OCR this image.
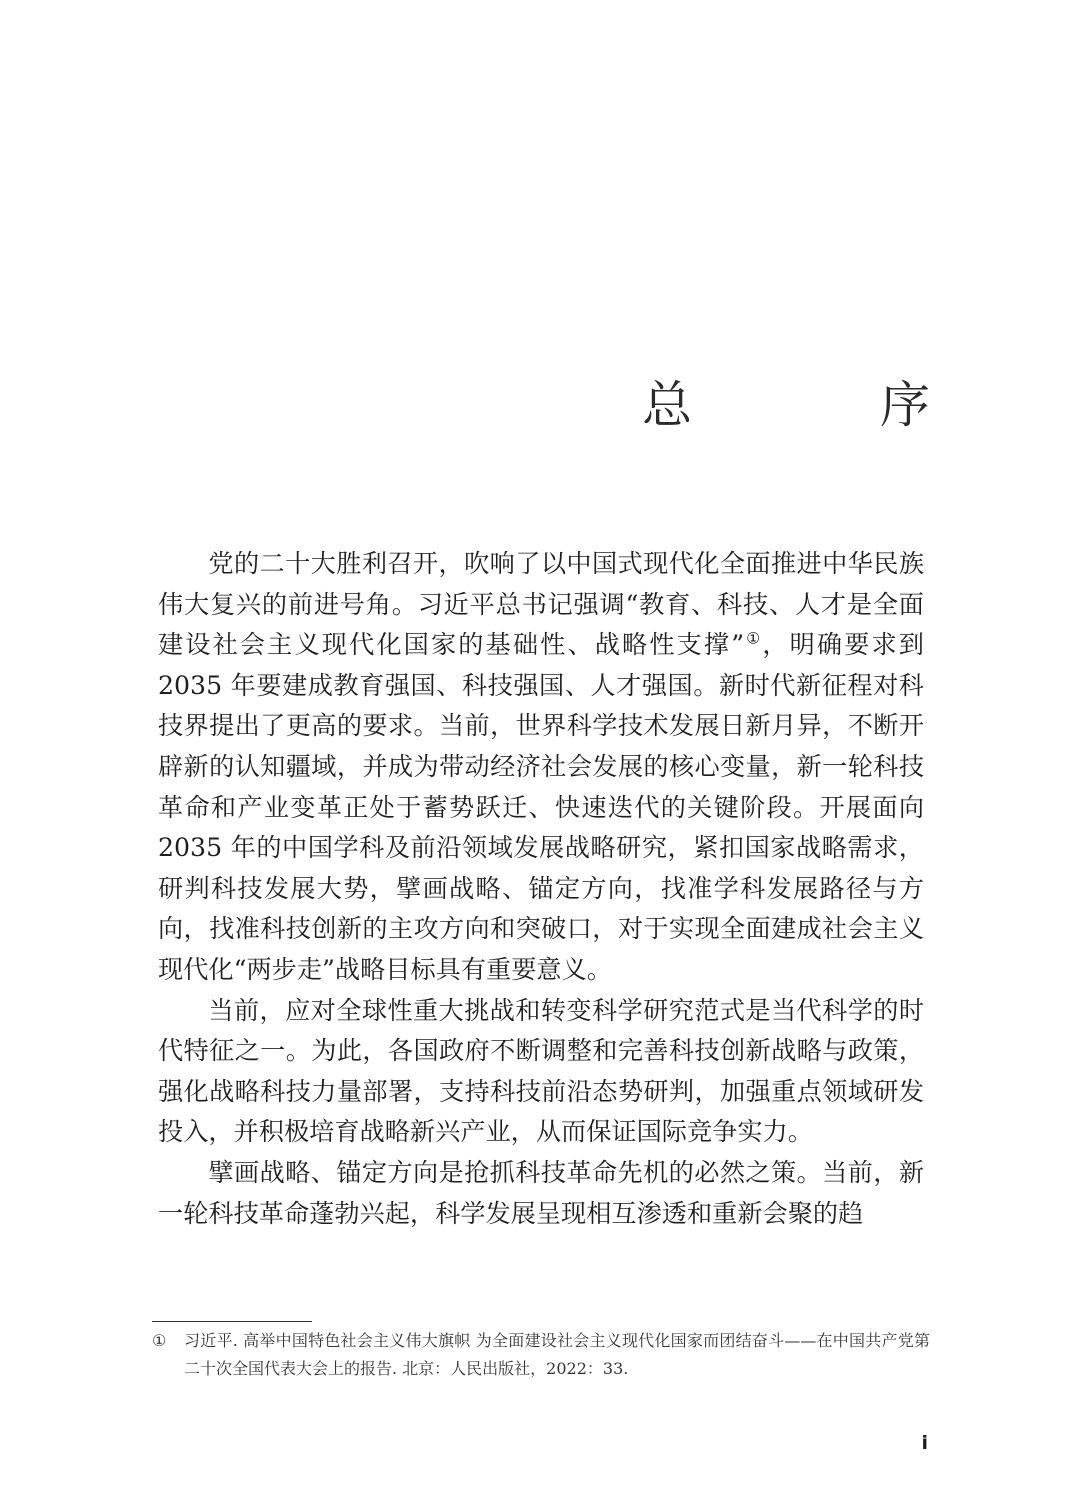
总 序

党的二十大胜利召开，吹响了以中国式现代化全面推进中华民族伟大复兴的前进号角。习近平总书记强调“教育、科技、人才是全面建设社会主义现代化国家的基础性、战略性支撑”①，明确要求到 2035 年要建成教育强国、科技强国、人才强国。新时代新征程对科技界提出了更高的要求。当前，世界科学技术发展日新月异，不断开辟新的认知疆域，并成为带动经济社会发展的核心变量，新一轮科技革命和产业变革正处于蓄势跃迁、快速迭代的关键阶段。开展面向 2035 年的中国学科及前沿领域发展战略研究，紧扣国家战略需求，研判科技发展大势，擘画战略、锚定方向，找准学科发展路径与方向，找准科技创新的主攻方向和突破口，对于实现全面建成社会主义现代化“两步走”战略目标具有重要意义。

当前，应对全球性重大挑战和转变科学研究范式是当代科学的时代特征之一。为此，各国政府不断调整和完善科技创新战略与政策，强化战略科技力量部署，支持科技前沿态势研判，加强重点领域研发投入，并积极培育战略新兴产业，从而保证国际竞争实力。

擘画战略、锚定方向是抢抓科技革命先机的必然之策。当前，新一轮科技革命蓬勃兴起，科学发展呈现相互渗透和重新会聚的趋

① 习近平. 高举中国特色社会主义伟大旗帜 为全面建设社会主义现代化国家而团结奋斗——在中国共产党第二十次全国代表大会上的报告. 北京：人民出版社，2022：33.
i
